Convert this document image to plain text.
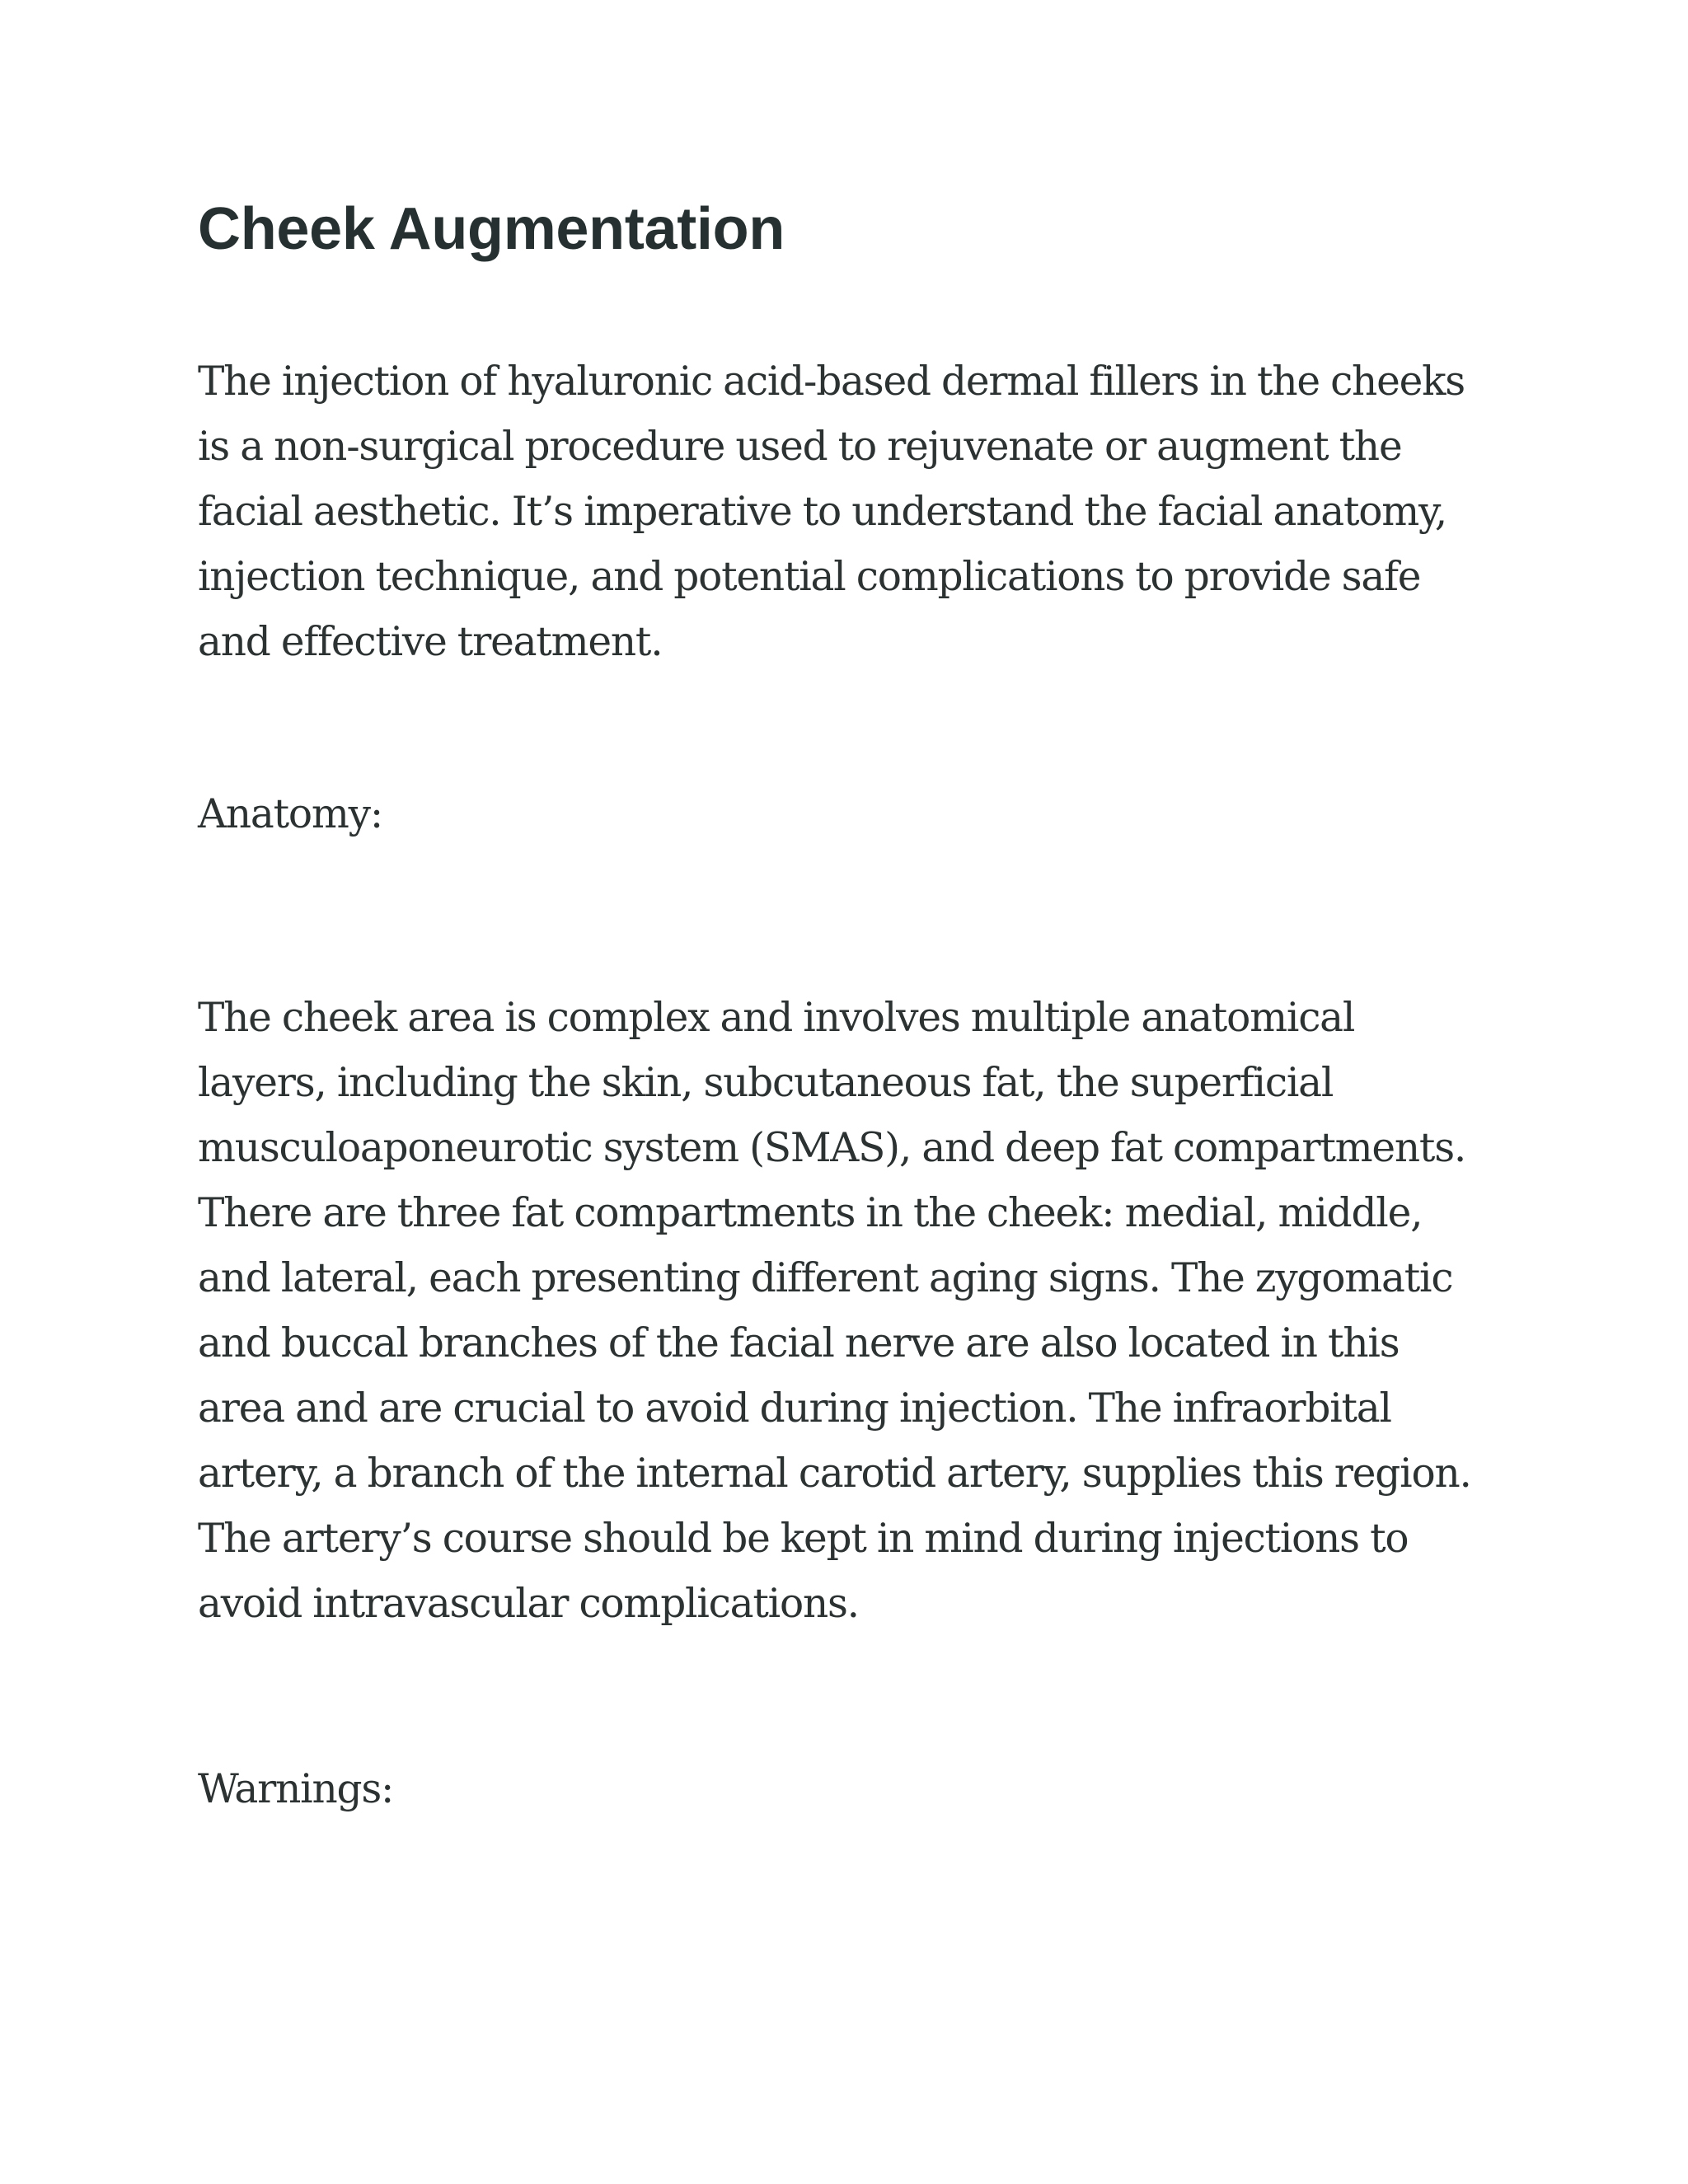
Cheek Augmentation

The injection of hyaluronic acid-based dermal fillers in the cheeks is a non-surgical procedure used to rejuvenate or augment the facial aesthetic. It’s imperative to understand the facial anatomy, injection technique, and potential complications to provide safe and effective treatment.

Anatomy:

The cheek area is complex and involves multiple anatomical layers, including the skin, subcutaneous fat, the superficial musculoaponeurotic system (SMAS), and deep fat compartments. There are three fat compartments in the cheek: medial, middle, and lateral, each presenting different aging signs. The zygomatic and buccal branches of the facial nerve are also located in this area and are crucial to avoid during injection. The infraorbital artery, a branch of the internal carotid artery, supplies this region. The artery’s course should be kept in mind during injections to avoid intravascular complications.

Warnings:
